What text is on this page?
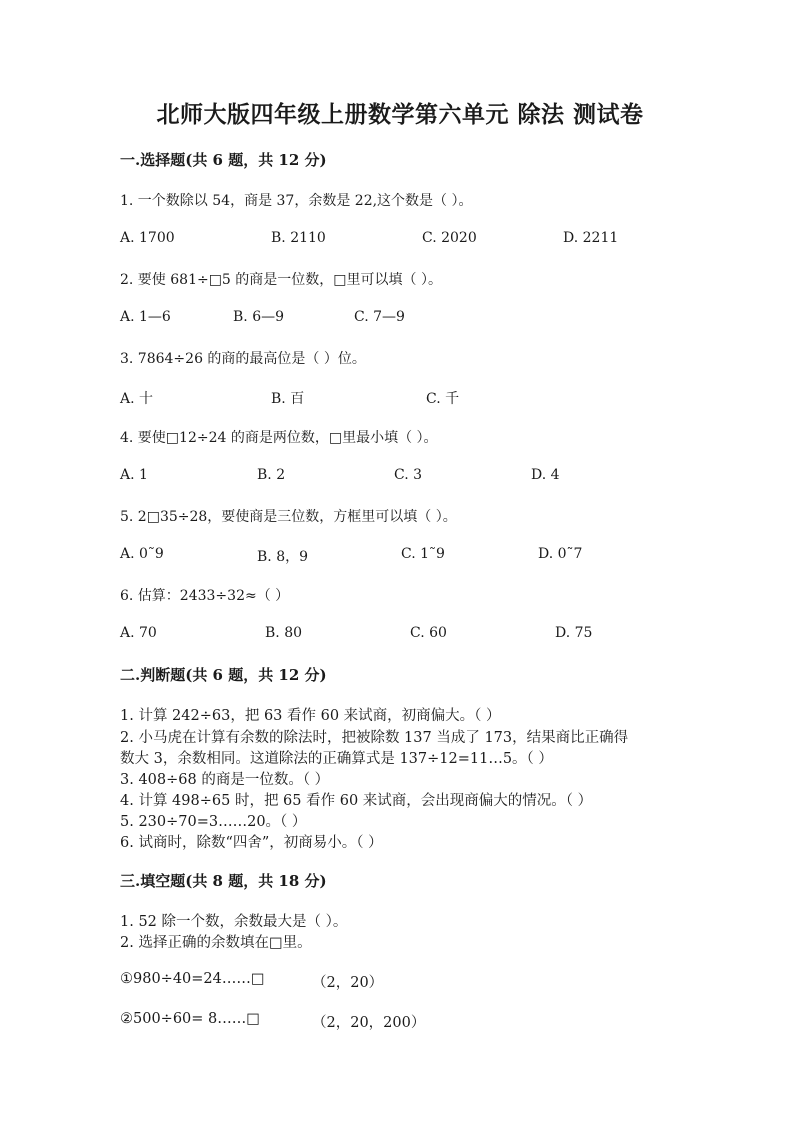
北师大版四年级上册数学第六单元 除法 测试卷
一.选择题(共 6 题，共 12 分)
1. 一个数除以 54，商是 37，余数是 22,这个数是（ ）。
A. 1700	B. 2110	C. 2020	D. 2211
2. 要使 681÷□5 的商是一位数，□里可以填（ ）。
A. 1—6	B. 6—9	C. 7—9
3. 7864÷26 的商的最高位是（ ）位。
A. 十	B. 百	C. 千
4. 要使□12÷24 的商是两位数，□里最小填（ ）。
A. 1	B. 2	C. 3	D. 4
5. 2□35÷28，要使商是三位数，方框里可以填（ ）。
A. 0˜9	B. 8，9	C. 1˜9	D. 0˜7
6. 估算：2433÷32≈（ ）
A. 70	B. 80	C. 60	D. 75
二.判断题(共 6 题，共 12 分)
1. 计算 242÷63，把 63 看作 60 来试商，初商偏大。（ ）
2. 小马虎在计算有余数的除法时，把被除数 137 当成了 173，结果商比正确得
数大 3，余数相同。这道除法的正确算式是 137÷12=11…5。（ ）
3. 408÷68 的商是一位数。（ ）
4. 计算 498÷65 时，把 65 看作 60 来试商，会出现商偏大的情况。（ ）
5. 230÷70=3……20。（ ）
6. 试商时，除数“四舍”，初商易小。（ ）
三.填空题(共 8 题，共 18 分)
1. 52 除一个数，余数最大是（ ）。
2. 选择正确的余数填在□里。
①980÷40=24……□	（2，20）
②500÷60= 8……□	（2，20，200）
